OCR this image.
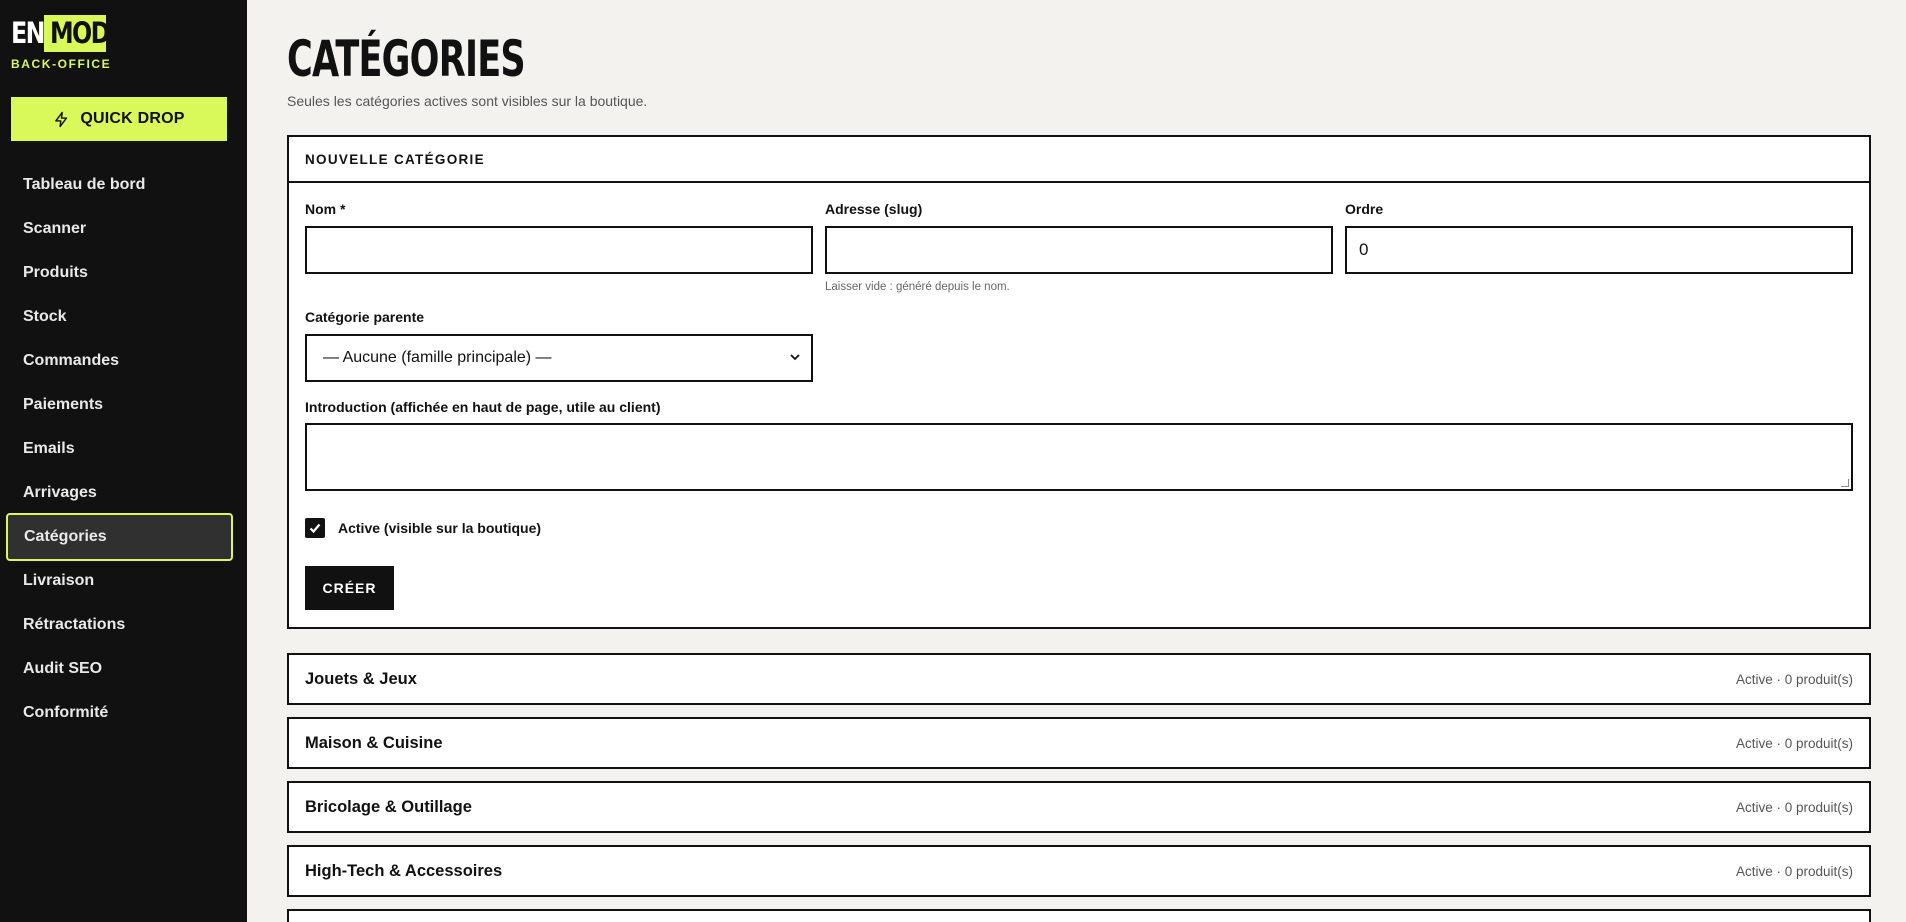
EN MOD
BACK-OFFICE
QUICK DROP
Tableau de bord
Scanner
Produits
Stock
Commandes
Paiements
Emails
Arrivages
Catégories
Livraison
Rétractations
Audit SEO
Conformité
CATÉGORIES

Seules les catégories actives sont visibles sur la boutique.

NOUVELLE CATÉGORIE
Nom *	Adresse (slug)
Laisser vide : généré depuis le nom.
Ordre
0
Catégorie parente
— Aucune (famille principale) —
Introduction (affichée en haut de page, utile au client)
Active (visible sur la boutique)
CRÉER
Jouets & Jeux	Active · 0 produit(s)
Maison & Cuisine	Active · 0 produit(s)
Bricolage & Outillage	Active · 0 produit(s)
High-Tech & Accessoires	Active · 0 produit(s)
